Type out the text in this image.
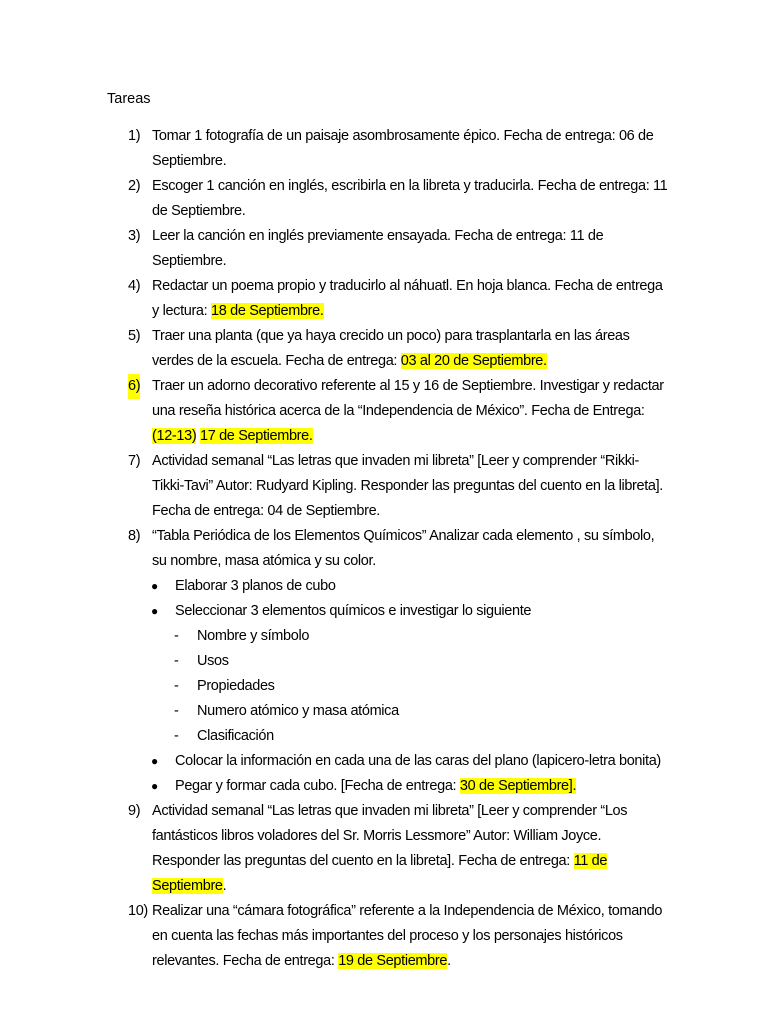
Tareas
1) Tomar 1 fotografía de un paisaje asombrosamente épico. Fecha de entrega: 06 de Septiembre.
2) Escoger 1 canción en inglés, escribirla en la libreta y traducirla. Fecha de entrega: 11 de Septiembre.
3) Leer la canción en inglés previamente ensayada. Fecha de entrega: 11 de Septiembre.
4) Redactar un poema propio y traducirlo al náhuatl. En hoja blanca. Fecha de entrega y lectura: 18 de Septiembre.
5) Traer una planta (que ya haya crecido un poco) para trasplantarla en las áreas verdes de la escuela. Fecha de entrega: 03 al 20 de Septiembre.
6) Traer un adorno decorativo referente al 15 y 16 de Septiembre. Investigar y redactar una reseña histórica acerca de la “Independencia de México”. Fecha de Entrega: (12-13) 17 de Septiembre.
7) Actividad semanal “Las letras que invaden mi libreta” [Leer y comprender “Rikki-Tikki-Tavi” Autor: Rudyard Kipling. Responder las preguntas del cuento en la libreta]. Fecha de entrega: 04 de Septiembre.
8) “Tabla Periódica de los Elementos Químicos” Analizar cada elemento , su símbolo, su nombre, masa atómica y su color.
● Elaborar 3 planos de cubo
● Seleccionar 3 elementos químicos e investigar lo siguiente
- Nombre y símbolo
- Usos
- Propiedades
- Numero atómico y masa atómica
- Clasificación
● Colocar la información en cada una de las caras del plano (lapicero-letra bonita)
● Pegar y formar cada cubo. [Fecha de entrega: 30 de Septiembre].
9) Actividad semanal “Las letras que invaden mi libreta” [Leer y comprender “Los fantásticos libros voladores del Sr. Morris Lessmore” Autor: William Joyce. Responder las preguntas del cuento en la libreta]. Fecha de entrega: 11 de Septiembre.
10) Realizar una “cámara fotográfica” referente a la Independencia de México, tomando en cuenta las fechas más importantes del proceso y los personajes históricos relevantes. Fecha de entrega: 19 de Septiembre.
